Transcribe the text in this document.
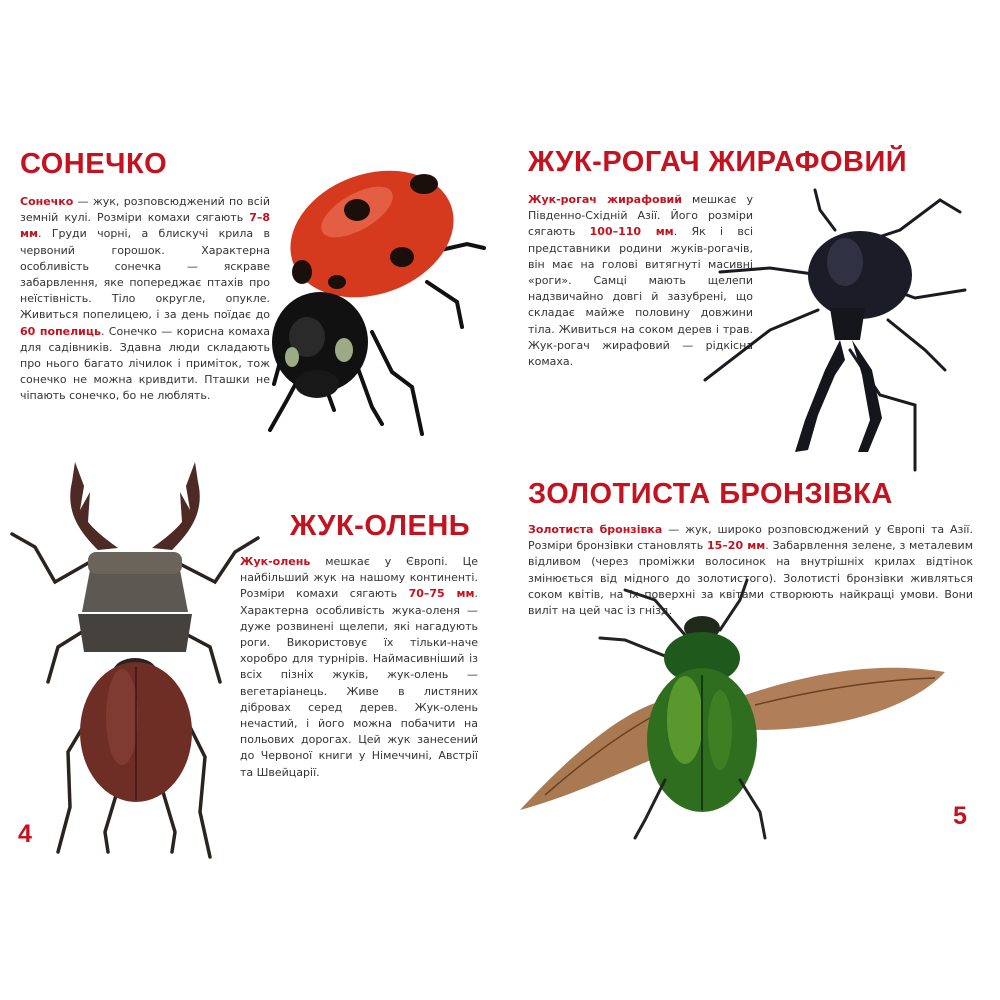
СОНЕЧКО

Сонечко — жук, розповсюджений по всій земній кулі. Розміри комахи сягають 7–8 мм. Груди чорні, а блискучі крила в червоний горошок. Характерна особливість сонечка — яскраве забарвлення, яке попереджає птахів про неїстівність. Тіло округле, опукле. Живиться попелицею, і за день поїдає до 60 попелиць. Сонечко — корисна комаха для садівників. Здавна люди складають про нього багато лічилок і приміток, тож сонечко не можна кривдити. Пташки не чіпають сонечко, бо не люблять.

ЖУК-ОЛЕНЬ

Жук-олень мешкає у Європі. Це найбільший жук на нашому континенті. Розміри комахи сягають 70–75 мм. Характерна особливість жука-оленя — дуже розвинені щелепи, які нагадують роги. Використовує їх тільки-наче хоробро для турнірів. Наймасивніший із всіх пізніх жуків, жук-олень — вегетаріанець. Живе в листяних дібровах серед дерев. Жук-олень нечастий, і його можна побачити на польових дорогах. Цей жук занесений до Червоної книги у Німеччині, Австрії та Швейцарії.

4
ЖУК-РОГАЧ ЖИРАФОВИЙ

Жук-рогач жирафовий мешкає у Південно-Східній Азії. Його розміри сягають 100–110 мм. Як і всі представники родини жуків-рогачів, він має на голові витягнуті масивні «роги». Самці мають щелепи надзвичайно довгі й зазубрені, що складає майже половину довжини тіла. Живиться на соком дерев і трав. Жук-рогач жирафовий — рідкісна комаха.

ЗОЛОТИСТА БРОНЗІВКА

Золотиста бронзівка — жук, широко розповсюджений у Європі та Азії. Розміри бронзівки становлять 15–20 мм. Забарвлення зелене, з металевим відливом (через проміжки волосинок на внутрішніх крилах відтінок змінюється від мідного до золотистого). Золотисті бронзівки живляться соком квітів, на їх поверхні за квітами створюють найкращі умови. Вони виліт на цей час із гнізд.

5
